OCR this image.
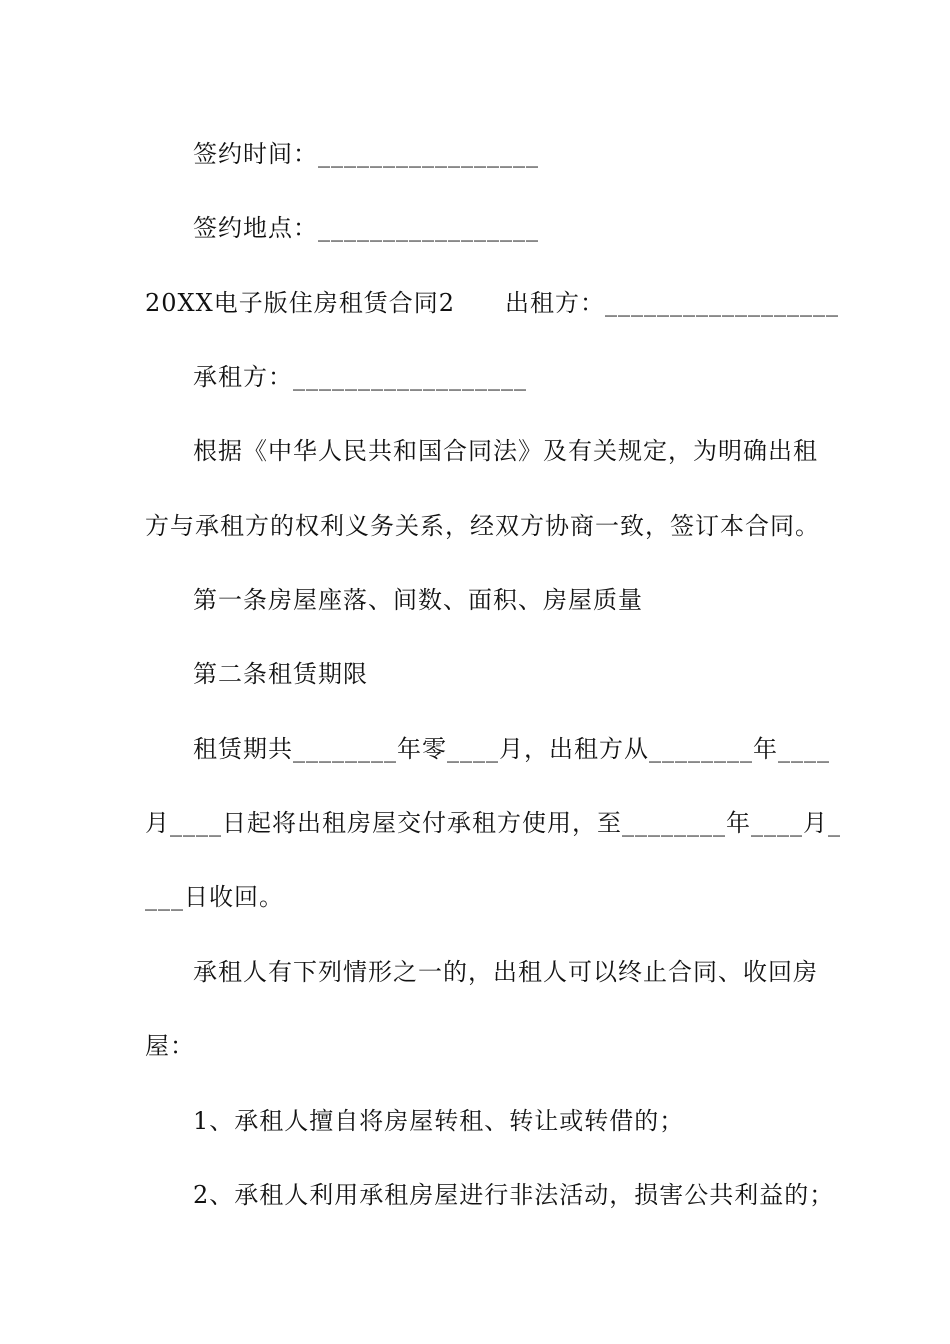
签约时间：_________________
签约地点：_________________
20XX电子版住房租赁合同2　　出租方：__________________
承租方：__________________
根据《中华人民共和国合同法》及有关规定，为明确出租
方与承租方的权利义务关系，经双方协商一致，签订本合同。
第一条房屋座落、间数、面积、房屋质量
第二条租赁期限
租赁期共________年零____月，出租方从________年____
月____日起将出租房屋交付承租方使用，至________年____月_
___日收回。
承租人有下列情形之一的，出租人可以终止合同、收回房
屋：
1、承租人擅自将房屋转租、转让或转借的；
2、承租人利用承租房屋进行非法活动，损害公共利益的；
